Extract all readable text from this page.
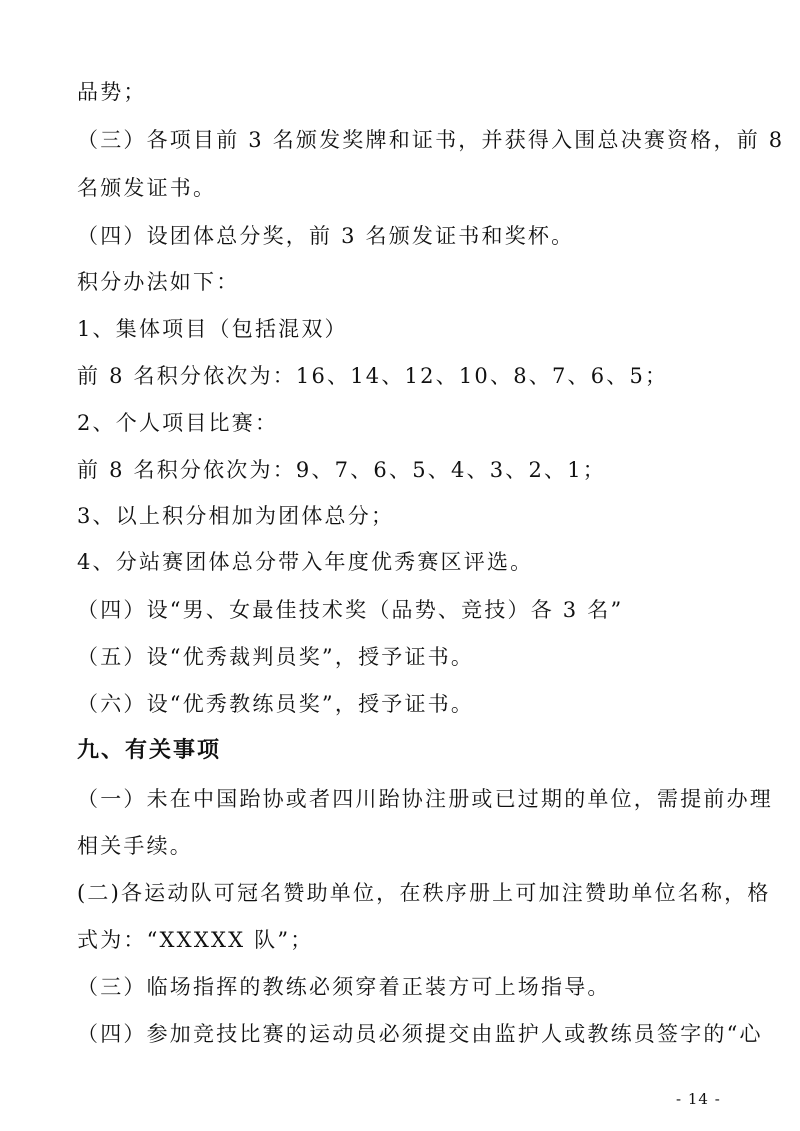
品势；
（三）各项目前 3 名颁发奖牌和证书，并获得入围总决赛资格，前 8
名颁发证书。
（四）设团体总分奖，前 3 名颁发证书和奖杯。
积分办法如下：
1、集体项目（包括混双）
前 8 名积分依次为：16、14、12、10、8、7、6、5；
2、个人项目比赛：
前 8 名积分依次为：9、7、6、5、4、3、2、1；
3、以上积分相加为团体总分；
4、分站赛团体总分带入年度优秀赛区评选。
（四）设“男、女最佳技术奖（品势、竞技）各 3 名”
（五）设“优秀裁判员奖”，授予证书。
（六）设“优秀教练员奖”，授予证书。
九、有关事项
（一）未在中国跆协或者四川跆协注册或已过期的单位，需提前办理
相关手续。
(二)各运动队可冠名赞助单位，在秩序册上可加注赞助单位名称，格
式为：“XXXXX 队”；
（三）临场指挥的教练必须穿着正装方可上场指导。
（四）参加竞技比赛的运动员必须提交由监护人或教练员签字的“心
- 14 -
